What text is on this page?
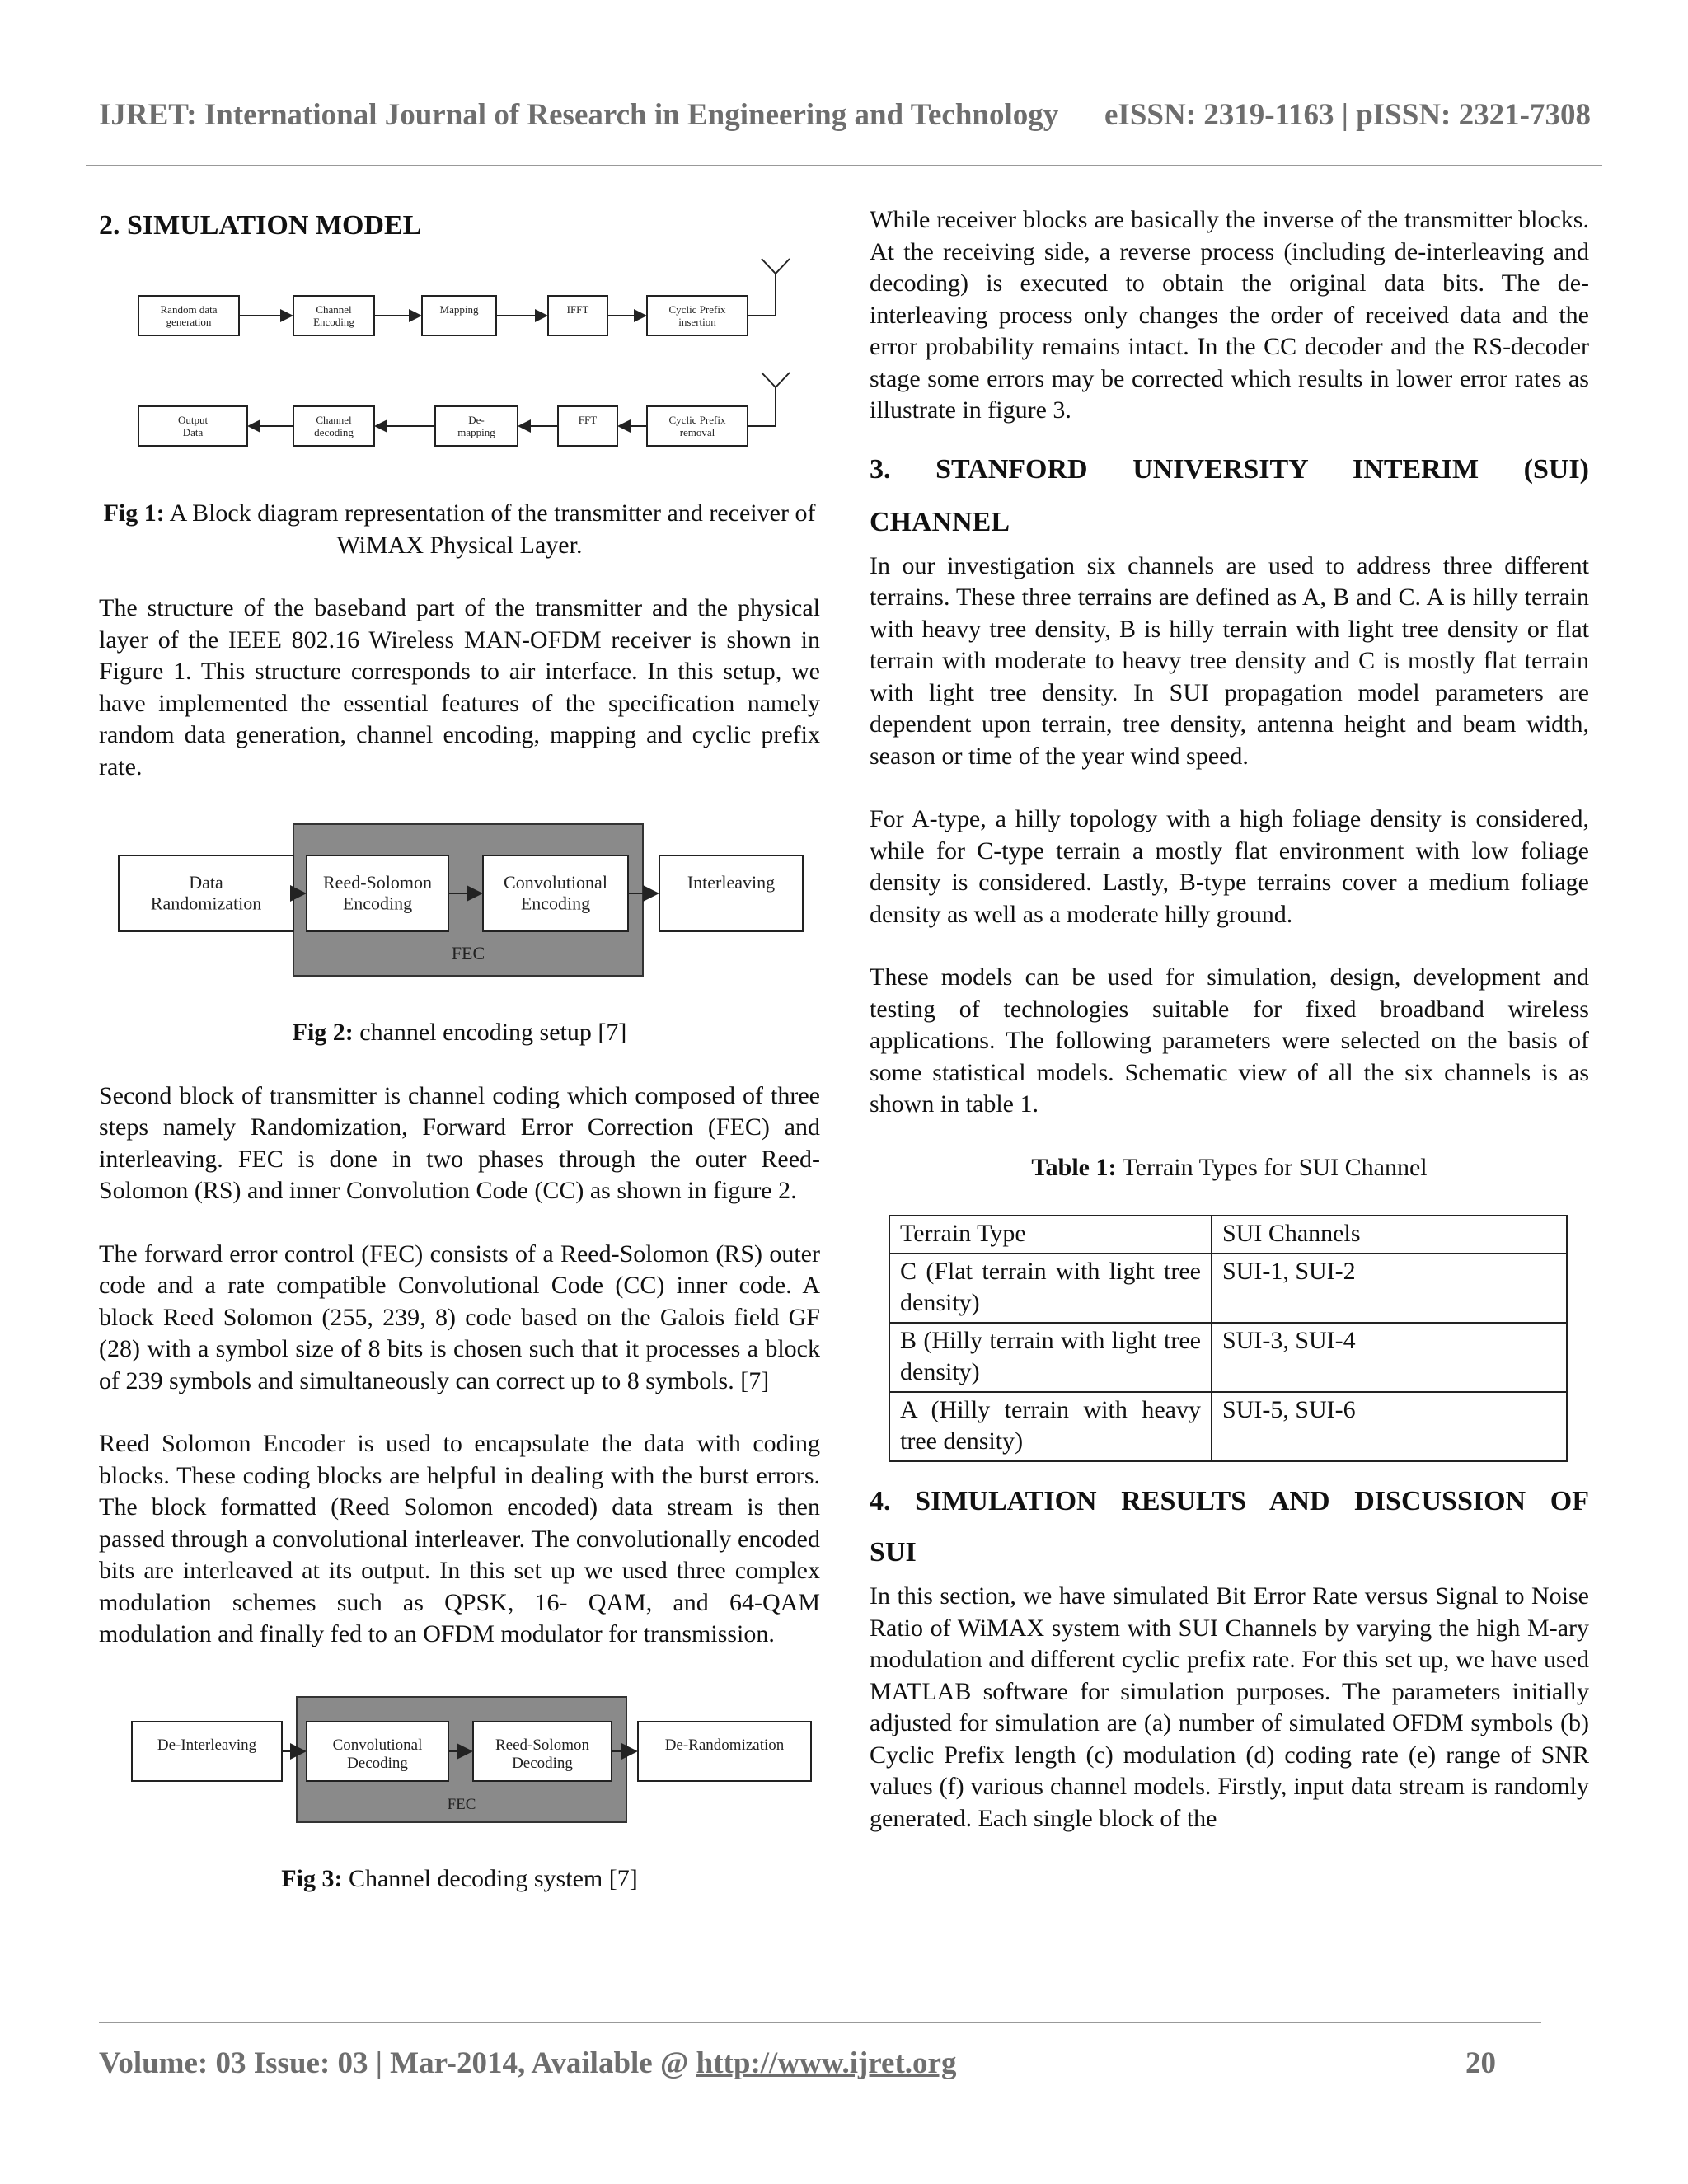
IJRET: International Journal of Research in Engineering and Technology eISSN: 2319-1163 | pISSN: 2321-7308
2. SIMULATION MODEL
Random data generation
Channel Encoding
Mapping	IFFT	Cyclic Prefix insertion
Output Data
Channel decoding
De-mapping
FFT	Cyclic Prefix removal

Fig 1: A Block diagram representation of the transmitter and receiver of WiMAX Physical Layer.

The structure of the baseband part of the transmitter and the physical layer of the IEEE 802.16 Wireless MAN-OFDM receiver is shown in Figure 1. This structure corresponds to air interface. In this setup, we have implemented the essential features of the specification namely random data generation, channel encoding, mapping and cyclic prefix rate.

Data Randomization
Reed-Solomon Encoding
Convolutional Encoding
Interleaving
FEC

Fig 2: channel encoding setup [7]

Second block of transmitter is channel coding which composed of three steps namely Randomization, Forward Error Correction (FEC) and interleaving. FEC is done in two phases through the outer Reed-Solomon (RS) and inner Convolution Code (CC) as shown in figure 2.

The forward error control (FEC) consists of a Reed-Solomon (RS) outer code and a rate compatible Convolutional Code (CC) inner code. A block Reed Solomon (255, 239, 8) code based on the Galois field GF (28) with a symbol size of 8 bits is chosen such that it processes a block of 239 symbols and simultaneously can correct up to 8 symbols. [7]

Reed Solomon Encoder is used to encapsulate the data with coding blocks. These coding blocks are helpful in dealing with the burst errors. The block formatted (Reed Solomon encoded) data stream is then passed through a convolutional interleaver. The convolutionally encoded bits are interleaved at its output. In this set up we used three complex modulation schemes such as QPSK, 16- QAM, and 64-QAM modulation and finally fed to an OFDM modulator for transmission.

De-Interleaving	Convolutional Decoding
Reed-Solomon Decoding
De-Randomization
FEC

Fig 3: Channel decoding system [7]

While receiver blocks are basically the inverse of the transmitter blocks. At the receiving side, a reverse process (including de-interleaving and decoding) is executed to obtain the original data bits. The de-interleaving process only changes the order of received data and the error probability remains intact. In the CC decoder and the RS-decoder stage some errors may be corrected which results in lower error rates as illustrate in figure 3.

3. STANFORD UNIVERSITY INTERIM (SUI)
CHANNEL

In our investigation six channels are used to address three different terrains. These three terrains are defined as A, B and C. A is hilly terrain with heavy tree density, B is hilly terrain with light tree density or flat terrain with moderate to heavy tree density and C is mostly flat terrain with light tree density. In SUI propagation model parameters are dependent upon terrain, tree density, antenna height and beam width, season or time of the year wind speed.

For A-type, a hilly topology with a high foliage density is considered, while for C-type terrain a mostly flat environment with low foliage density is considered. Lastly, B-type terrains cover a medium foliage density as well as a moderate hilly ground.

These models can be used for simulation, design, development and testing of technologies suitable for fixed broadband wireless applications. The following parameters were selected on the basis of some statistical models. Schematic view of all the six channels is as shown in table 1.

Table 1: Terrain Types for SUI Channel

Terrain Type	SUI Channels
C (Flat terrain with light tree density)	SUI-1, SUI-2
B (Hilly terrain with light tree density)	SUI-3, SUI-4
A (Hilly terrain with heavy tree density)	SUI-5, SUI-6
4. SIMULATION RESULTS AND DISCUSSION OF
SUI

In this section, we have simulated Bit Error Rate versus Signal to Noise Ratio of WiMAX system with SUI Channels by varying the high M-ary modulation and different cyclic prefix rate. For this set up, we have used MATLAB software for simulation purposes. The parameters initially adjusted for simulation are (a) number of simulated OFDM symbols (b) Cyclic Prefix length (c) modulation (d) coding rate (e) range of SNR values (f) various channel models. Firstly, input data stream is randomly generated. Each single block of the

Volume: 03 Issue: 03 | Mar-2014, Available @ http://www.ijret.org	20
